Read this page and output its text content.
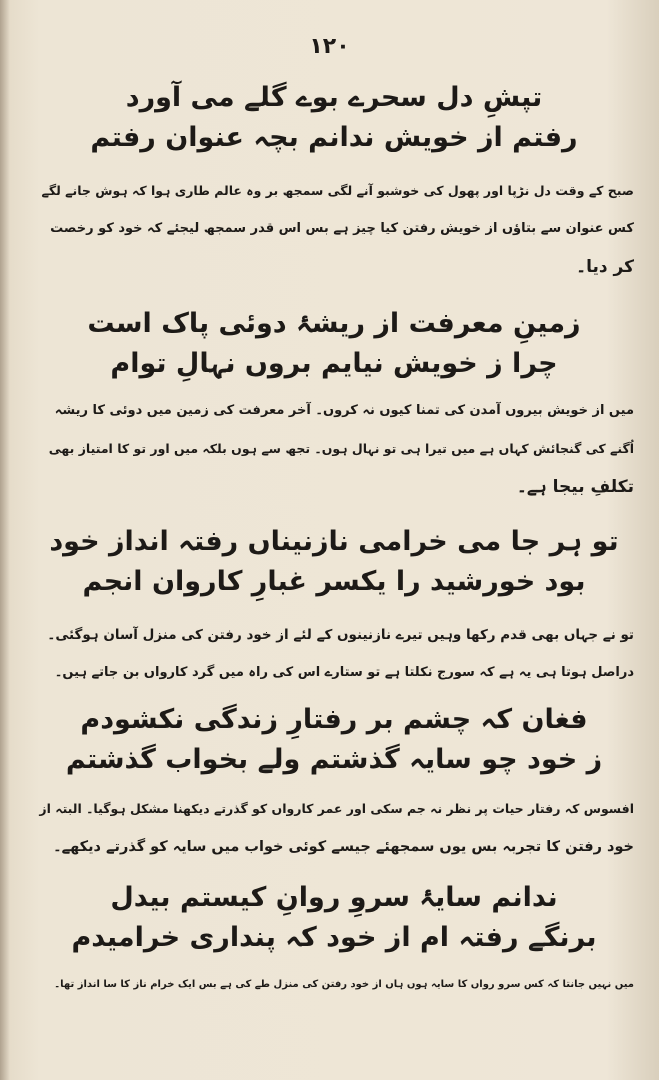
۱۲۰
تپشِ دل سحرے بوے گلے می آورد
رفتم از خویش ندانم بچہ عنوان رفتم
صبح کے وقت دل نڑپا اور پھول کی خوشبو آنے لگی سمجھ بر وہ عالم طاری ہوا کہ ہوش جانے لگے
کس عنوان سے بتاؤں از خویش رفتن کیا چیز ہے بس اس قدر سمجھ لیجئے کہ خود کو رخصت
کر دیا۔
زمینِ معرفت از ریشۂ دوئی پاک است
چرا ز خویش نیایم بروں نہالِ توام
میں از خویش بیروں آمدن کی تمنا کیوں نہ کروں۔ آخر معرفت کی زمین میں دوئی کا ریشہ
اُگنے کی گنجائش کہاں ہے میں تیرا ہی تو نہال ہوں۔ تجھ سے ہوں بلکہ میں اور تو کا امتیاز بھی
تکلفِ بیجا ہے۔
تو ہر جا می خرامی نازنیناں رفتہ انداز خود
بود خورشید را یکسر غبارِ کاروان انجم
تو نے جہاں بھی قدم رکھا وہیں تیرے نازنینوں کے لئے از خود رفتن کی منزل آسان ہوگئی۔
دراصل ہوتا ہی یہ ہے کہ سورج نکلتا ہے تو ستارے اس کی راہ میں گرد کارواں بن جاتے ہیں۔
فغان کہ چشم بر رفتارِ زندگی نکشودم
ز خود چو سایہ گذشتم ولے بخواب گذشتم
افسوس کہ رفتار حیات پر نظر نہ جم سکی اور عمر کارواں کو گذرتے دیکھنا مشکل ہوگیا۔ البتہ از
خود رفتن کا تجربہ بس یوں سمجھئے جیسے کوئی خواب میں سایہ کو گذرتے دیکھے۔
ندانم سایۂ سروِ روانِ کیستم بیدل
برنگے رفتہ ام از خود کہ پنداری خرامیدم
میں نہیں جانتا کہ کس سرو رواں کا سایہ ہوں ہاں از خود رفتن کی منزل طے کی ہے بس ایک خرام ناز کا سا انداز تھا۔
